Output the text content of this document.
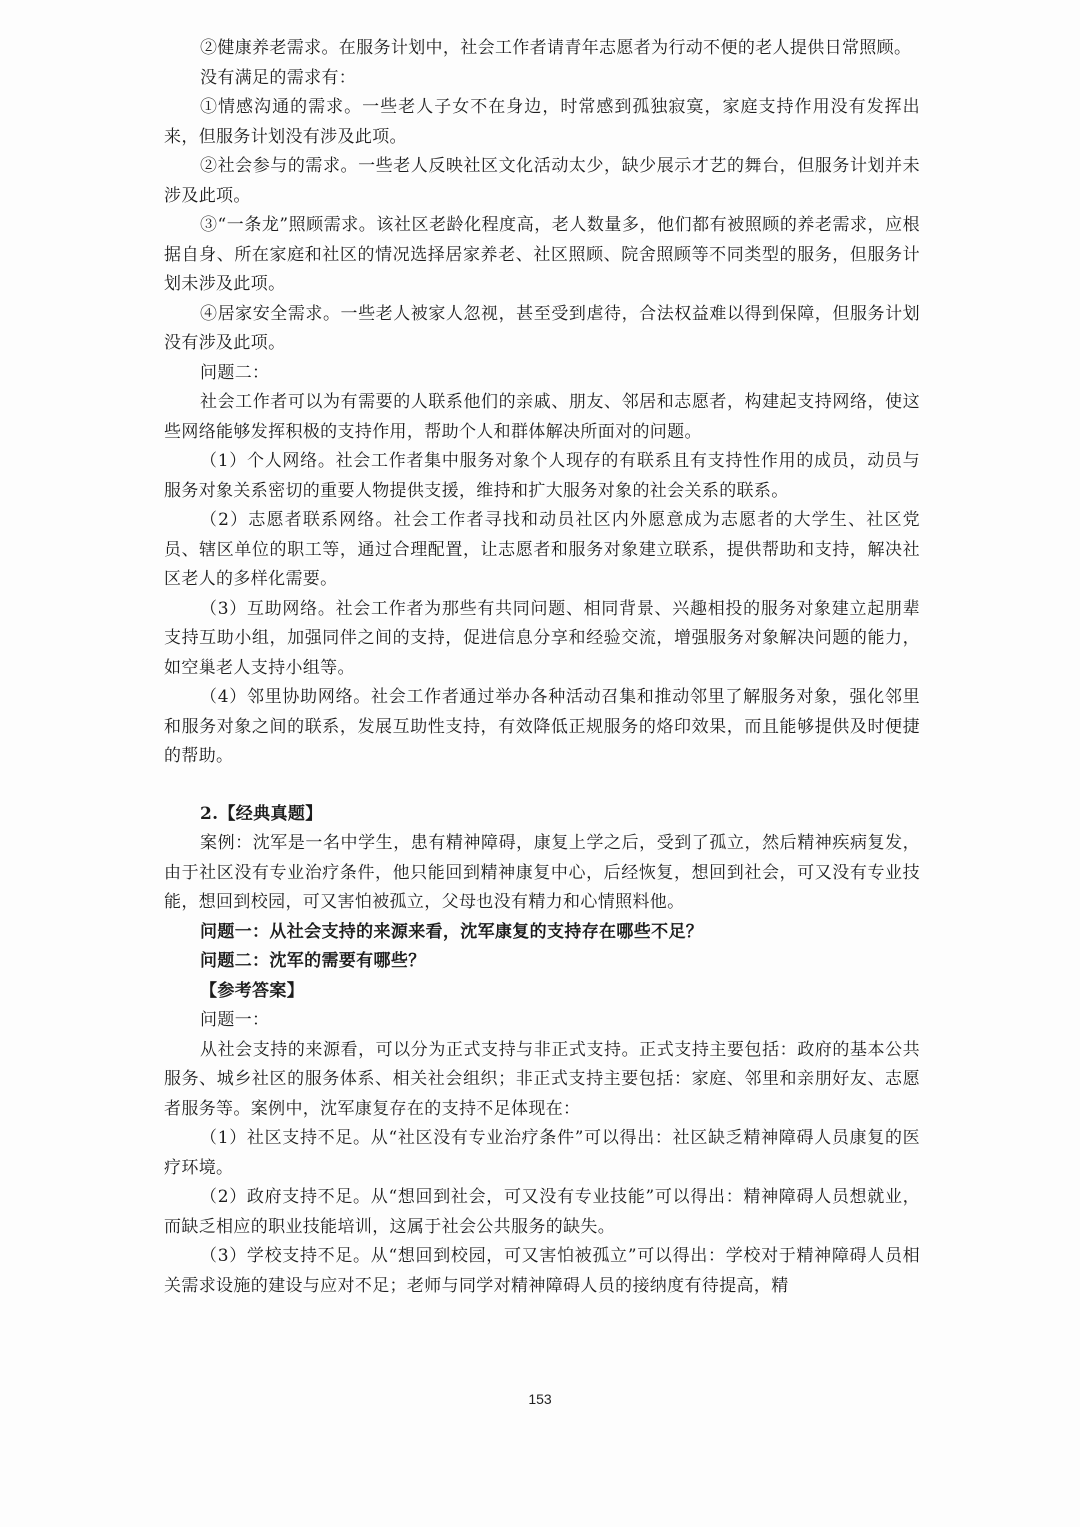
②健康养老需求。在服务计划中，社会工作者请青年志愿者为行动不便的老人提供日常照顾。

没有满足的需求有：

①情感沟通的需求。一些老人子女不在身边，时常感到孤独寂寞，家庭支持作用没有发挥出来，但服务计划没有涉及此项。

②社会参与的需求。一些老人反映社区文化活动太少，缺少展示才艺的舞台，但服务计划并未涉及此项。

③“一条龙”照顾需求。该社区老龄化程度高，老人数量多，他们都有被照顾的养老需求，应根据自身、所在家庭和社区的情况选择居家养老、社区照顾、院舍照顾等不同类型的服务，但服务计划未涉及此项。

④居家安全需求。一些老人被家人忽视，甚至受到虐待，合法权益难以得到保障，但服务计划没有涉及此项。

问题二：

社会工作者可以为有需要的人联系他们的亲戚、朋友、邻居和志愿者，构建起支持网络，使这些网络能够发挥积极的支持作用，帮助个人和群体解决所面对的问题。

（1）个人网络。社会工作者集中服务对象个人现存的有联系且有支持性作用的成员，动员与服务对象关系密切的重要人物提供支援，维持和扩大服务对象的社会关系的联系。

（2）志愿者联系网络。社会工作者寻找和动员社区内外愿意成为志愿者的大学生、社区党员、辖区单位的职工等，通过合理配置，让志愿者和服务对象建立联系，提供帮助和支持，解决社区老人的多样化需要。

（3）互助网络。社会工作者为那些有共同问题、相同背景、兴趣相投的服务对象建立起朋辈支持互助小组，加强同伴之间的支持，促进信息分享和经验交流，增强服务对象解决问题的能力，如空巢老人支持小组等。

（4）邻里协助网络。社会工作者通过举办各种活动召集和推动邻里了解服务对象，强化邻里和服务对象之间的联系，发展互助性支持，有效降低正规服务的烙印效果，而且能够提供及时便捷的帮助。

2.【经典真题】

案例：沈军是一名中学生，患有精神障碍，康复上学之后，受到了孤立，然后精神疾病复发，由于社区没有专业治疗条件，他只能回到精神康复中心，后经恢复，想回到社会，可又没有专业技能，想回到校园，可又害怕被孤立，父母也没有精力和心情照料他。

问题一：从社会支持的来源来看，沈军康复的支持存在哪些不足？

问题二：沈军的需要有哪些？

【参考答案】

问题一：

从社会支持的来源看，可以分为正式支持与非正式支持。正式支持主要包括：政府的基本公共服务、城乡社区的服务体系、相关社会组织；非正式支持主要包括：家庭、邻里和亲朋好友、志愿者服务等。案例中，沈军康复存在的支持不足体现在：

（1）社区支持不足。从“社区没有专业治疗条件”可以得出：社区缺乏精神障碍人员康复的医疗环境。

（2）政府支持不足。从“想回到社会，可又没有专业技能”可以得出：精神障碍人员想就业，而缺乏相应的职业技能培训，这属于社会公共服务的缺失。

（3）学校支持不足。从“想回到校园，可又害怕被孤立”可以得出：学校对于精神障碍人员相关需求设施的建设与应对不足；老师与同学对精神障碍人员的接纳度有待提高，精

153
